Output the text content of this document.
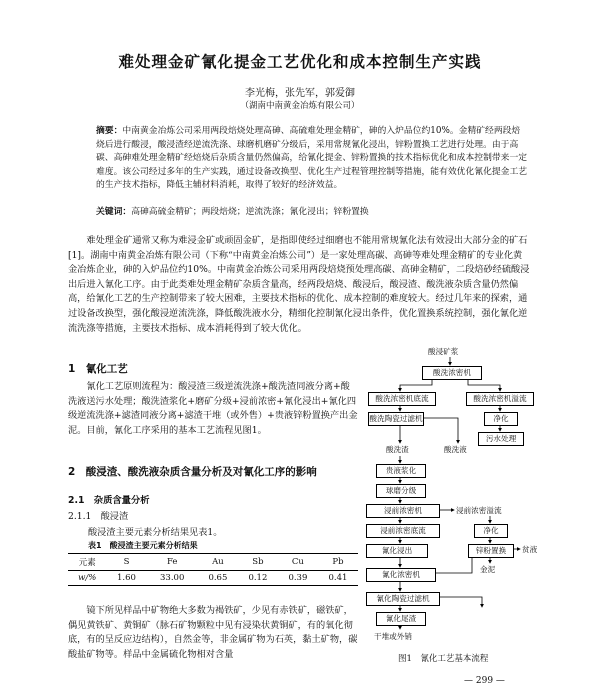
难处理金矿氰化提金工艺优化和成本控制生产实践
李光梅，张先军，郭爱御
（湖南中南黄金冶炼有限公司）
摘要：中南黄金冶炼公司采用两段焙烧处理高砷、高硫难处理金精矿，砷的入炉品位约10%。金精矿经两段焙烧后进行酸浸，酸浸渣经逆流洗涤、球磨机磨矿分级后，采用常规氰化浸出，锌粉置换工艺进行处理。由于高碳、高砷难处理金精矿经焙烧后杂质含量仍然偏高，给氰化提金、锌粉置换的技术指标优化和成本控制带来一定难度。该公司经过多年的生产实践，通过设备改换型、优化生产过程管理控制等措施，能有效优化氰化提金工艺的生产技术指标，降低主辅材料消耗，取得了较好的经济效益。
关键词：高砷高硫金精矿；两段焙烧；逆流洗涤；氰化浸出；锌粉置换
难处理金矿通常又称为难浸金矿或顽固金矿，是指即使经过细磨也不能用常规氰化法有效浸出大部分金的矿石[1]。湖南中南黄金冶炼有限公司（下称“中南黄金冶炼公司”）是一家处理高碳、高砷等难处理金精矿的专业化黄金冶炼企业，砷的入炉品位约10%。中南黄金冶炼公司采用两段焙烧预处理高碳、高砷金精矿，二段焙砂经硫酸浸出后进入氰化工序。由于此类难处理金精矿杂质含量高，经两段焙烧、酸浸后，酸浸渣、酸洗液杂质含量仍然偏高，给氰化工艺的生产控制带来了较大困难，主要技术指标的优化、成本控制的难度较大。经过几年来的探索，通过设备改换型，强化酸浸逆流洗涤，降低酸洗液水分，精细化控制氰化浸出条件，优化置换系统控制，强化氰化逆流洗涤等措施，主要技术指标、成本消耗得到了较大优化。
1　氰化工艺
氰化工艺原则流程为：酸浸渣三级逆流洗涤+酸洗渣同液分离+酸洗液送污水处理；酸洗渣浆化+磨矿分级+浸前浓密+氰化浸出+氰化四级逆流洗涤+滤渣同液分离+滤渣干堆（或外售）+贵液锌粉置换产出金泥。目前，氰化工序采用的基本工艺流程见图1。
2　酸浸渣、酸洗液杂质含量分析及对氰化工序的影响
2.1　杂质含量分析
2.1.1　酸浸渣
酸浸渣主要元素分析结果见表1。
表1　酸浸渣主要元素分析结果
元素	S	Fe	Au	Sb	Cu	Pb
w/%	1.60	33.00	0.65	0.12	0.39	0.41
镜下所见样品中矿物绝大多数为褐铁矿，少见有赤铁矿，磁铁矿，偶见黄铁矿、黄铜矿（脉石矿物颗粒中见有浸染状黄铜矿，有的氧化彻底，有的呈反应边结构），自然金等，非金属矿物为石英，黏土矿物，碳酸盐矿物等。样品中金属硫化物相对含量
酸浸矿浆
酸洗浓密机
酸洗浓密机底流	酸洗浓密机溢流
酸洗陶瓷过滤机	净化
污水处理
酸洗渣	酸洗液
贵液浆化
球磨分级
浸前浓密机	浸前浓密溢流
浸前浓密底流	净化
氰化浸出	锌粉置换	贫液
金泥
氰化浓密机
氰化陶瓷过滤机
氰化尾渣
干堆或外销
图1　氰化工艺基本流程
— 299 —
